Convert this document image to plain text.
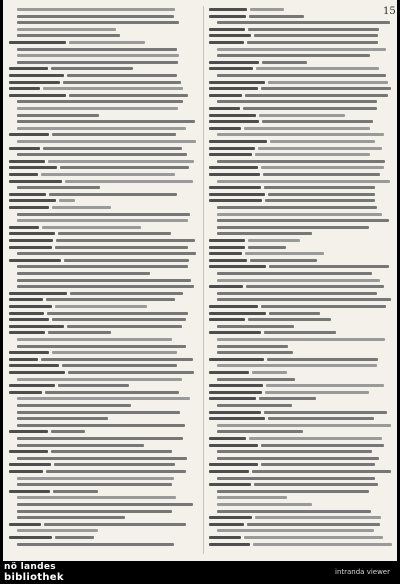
15
nö landes
bibliothek	intranda viewer
